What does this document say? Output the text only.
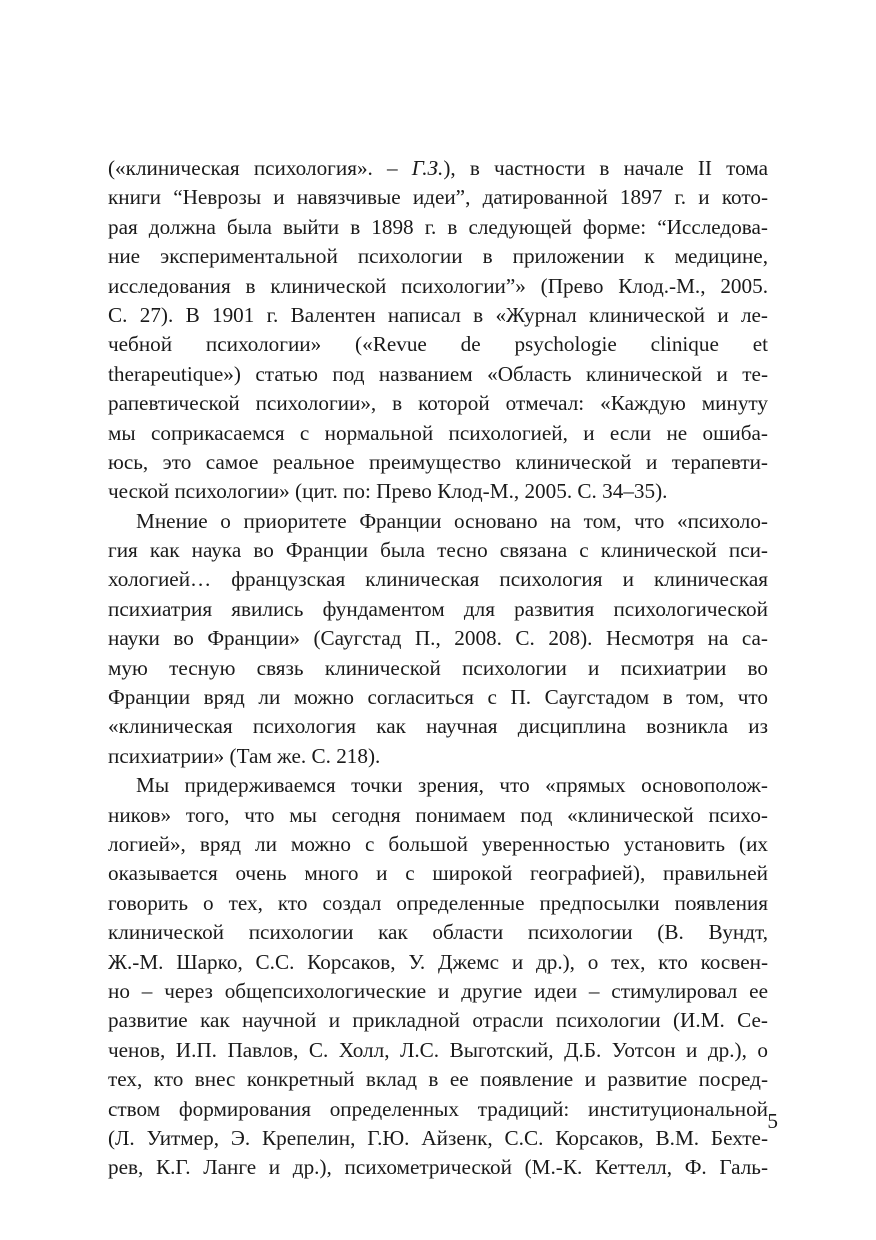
(«клиническая психология». – Г.З.), в частности в начале II тома
книги “Неврозы и навязчивые идеи”, датированной 1897 г. и кото-
рая должна была выйти в 1898 г. в следующей форме: “Исследова-
ние экспериментальной психологии в приложении к медицине,
исследования в клинической психологии”» (Прево Клод.-М., 2005.
С. 27). В 1901 г. Валентен написал в «Журнал клинической и ле-
чебной психологии» («Revue de psychologie clinique et
therapeutique») статью под названием «Область клинической и те-
рапевтической психологии», в которой отмечал: «Каждую минуту
мы соприкасаемся с нормальной психологией, и если не ошиба-
юсь, это самое реальное преимущество клинической и терапевти-
ческой психологии» (цит. по: Прево Клод-М., 2005. С. 34–35).
Мнение о приоритете Франции основано на том, что «психоло-
гия как наука во Франции была тесно связана с клинической пси-
хологией… французская клиническая психология и клиническая
психиатрия явились фундаментом для развития психологической
науки во Франции» (Саугстад П., 2008. С. 208). Несмотря на са-
мую тесную связь клинической психологии и психиатрии во
Франции вряд ли можно согласиться с П. Саугстадом в том, что
«клиническая психология как научная дисциплина возникла из
психиатрии» (Там же. С. 218).
Мы придерживаемся точки зрения, что «прямых основополож-
ников» того, что мы сегодня понимаем под «клинической психо-
логией», вряд ли можно с большой уверенностью установить (их
оказывается очень много и с широкой географией), правильней
говорить о тех, кто создал определенные предпосылки появления
клинической психологии как области психологии (В. Вундт,
Ж.-М. Шарко, С.С. Корсаков, У. Джемс и др.), о тех, кто косвен-
но – через общепсихологические и другие идеи – стимулировал ее
развитие как научной и прикладной отрасли психологии (И.М. Се-
ченов, И.П. Павлов, С. Холл, Л.С. Выготский, Д.Б. Уотсон и др.), о
тех, кто внес конкретный вклад в ее появление и развитие посред-
ством формирования определенных традиций: институциональной
(Л. Уитмер, Э. Крепелин, Г.Ю. Айзенк, С.С. Корсаков, В.М. Бехте-
рев, К.Г. Ланге и др.), психометрической (М.-К. Кеттелл, Ф. Галь-
5
